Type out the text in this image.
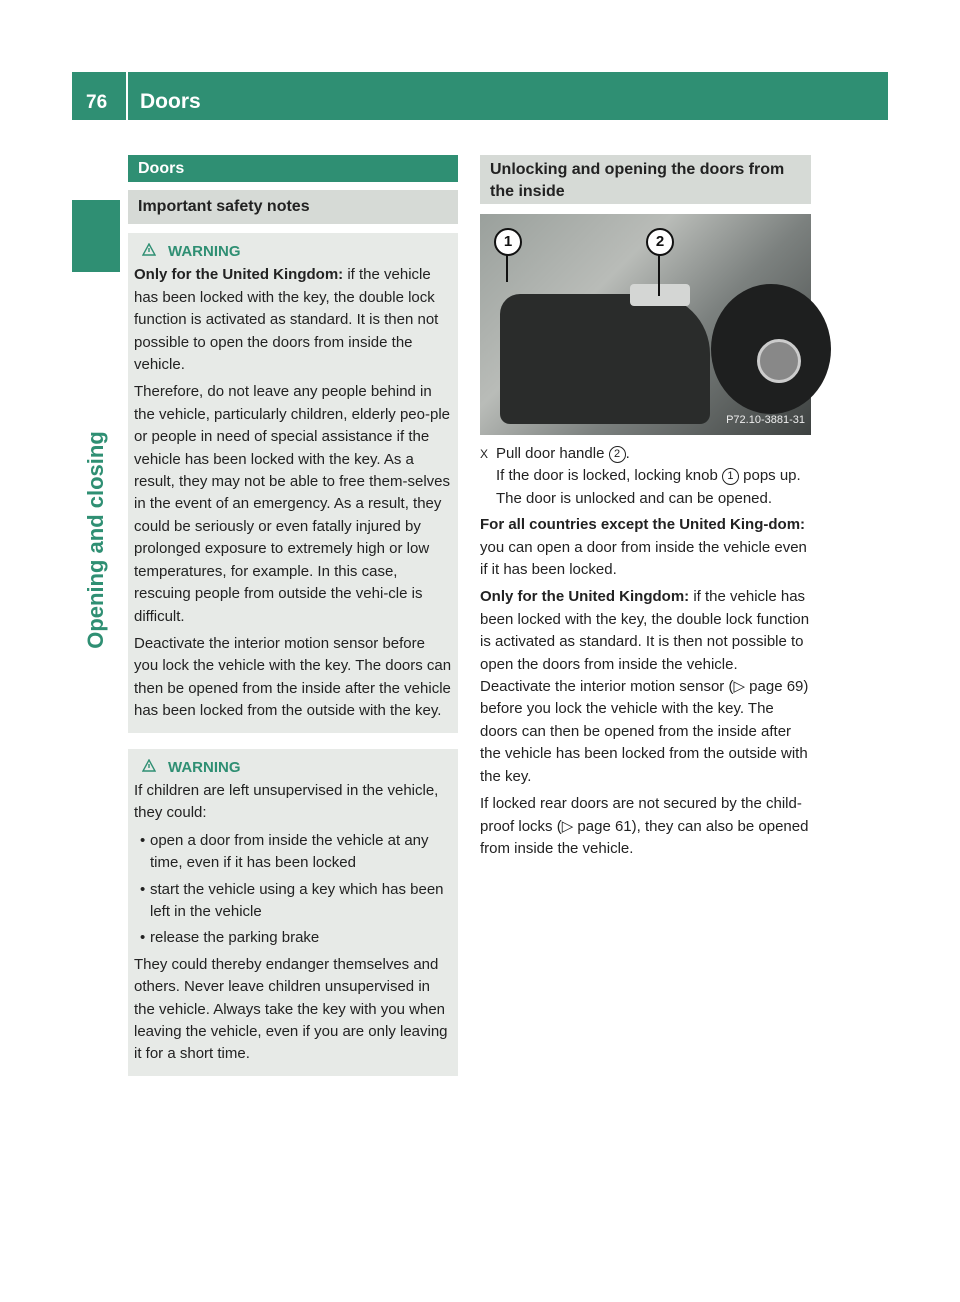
76 Doors
Opening and closing
Doors
Important safety notes
WARNING

Only for the United Kingdom: if the vehicle has been locked with the key, the double lock function is activated as standard. It is then not possible to open the doors from inside the vehicle.

Therefore, do not leave any people behind in the vehicle, particularly children, elderly peo-ple or people in need of special assistance if the vehicle has been locked with the key. As a result, they may not be able to free them-selves in the event of an emergency. As a result, they could be seriously or even fatally injured by prolonged exposure to extremely high or low temperatures, for example. In this case, rescuing people from outside the vehi-cle is difficult.

Deactivate the interior motion sensor before you lock the vehicle with the key. The doors can then be opened from the inside after the vehicle has been locked from the outside with the key.

WARNING

If children are left unsupervised in the vehicle, they could:

• open a door from inside the vehicle at any time, even if it has been locked

• start the vehicle using a key which has been left in the vehicle

• release the parking brake

They could thereby endanger themselves and others. Never leave children unsupervised in the vehicle. Always take the key with you when leaving the vehicle, even if you are only leaving it for a short time.

Unlocking and opening the doors from the inside
1	2
P72.10-3881-31
X Pull door handle 2 .
If the door is locked, locking knob 1 pops up. The door is unlocked and can be opened.

For all countries except the United King-dom: you can open a door from inside the vehicle even if it has been locked.

Only for the United Kingdom: if the vehicle has been locked with the key, the double lock function is activated as standard. It is then not possible to open the doors from inside the vehicle. Deactivate the interior motion sensor (▷ page 69) before you lock the vehicle with the key. The doors can then be opened from the inside after the vehicle has been locked from the outside with the key.

If locked rear doors are not secured by the child-proof locks (▷ page 61), they can also be opened from inside the vehicle.
